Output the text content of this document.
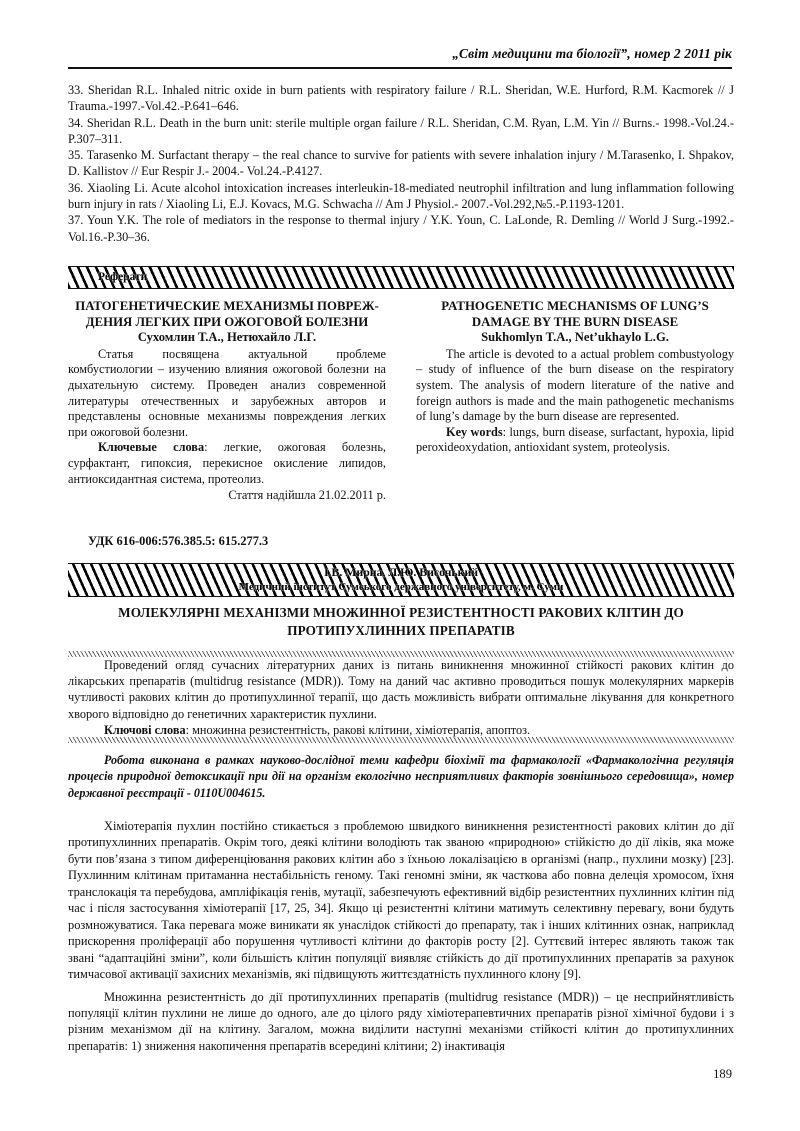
„Світ медицини та біології”, номер 2 2011 рік
33. Sheridan R.L. Inhaled nitric oxide in burn patients with respiratory failure / R.L. Sheridan, W.E. Hurford, R.M. Kacmorek // J Trauma.-1997.-Vol.42.-P.641–646.
34. Sheridan R.L. Death in the burn unit: sterile multiple organ failure / R.L. Sheridan, C.M. Ryan, L.M. Yin // Burns.- 1998.-Vol.24.-P.307–311.
35. Tarasenko M. Surfactant therapy – the real chance to survive for patients with severe inhalation injury / M.Tarasenko, I. Shpakov, D. Kallistov // Eur Respir J.- 2004.- Vol.24.-P.4127.
36. Xiaoling Li. Acute alcohol intoxication increases interleukin-18-mediated neutrophil infiltration and lung inflammation following burn injury in rats / Xiaoling Li, E.J. Kovacs, M.G. Schwacha // Am J Physiol.- 2007.-Vol.292,№5.-P.1193-1201.
37. Youn Y.K. The role of mediators in the response to thermal injury / Y.K. Youn, C. LaLonde, R. Demling // World J Surg.-1992.-Vol.16.-P.30–36.
Реферати
ПАТОГЕНЕТИЧЕСКИЕ МЕХАНИЗМЫ ПОВРЕЖ-ДЕНИЯ ЛЕГКИХ ПРИ ОЖОГОВОЙ БОЛЕЗНИ
Сухомлин Т.А., Нетюхайло Л.Г.
Статья посвящена актуальной проблеме комбустиологии – изучению влияния ожоговой болезни на дыхательную систему. Проведен анализ современной литературы отечественных и зарубежных авторов и представлены основные механизмы повреждения легких при ожоговой болезни.
Ключевые слова: легкие, ожоговая болезнь, сурфактант, гипоксия, перекисное окисление липидов, антиоксидантная система, протеолиз.
Стаття надійшла 21.02.2011 р.
PATHOGENETIC MECHANISMS OF LUNG’S DAMAGE BY THE BURN DISEASE
Sukhomlyn T.A., Net’ukhaylo L.G.
The article is devoted to a actual problem combustyology – study of influence of the burn disease on the respiratory system. The analysis of modern literature of the native and foreign authors is made and the main pathogenetic mechanisms of lung’s damage by the burn disease are represented.
Key words: lungs, burn disease, surfactant, hypoxia, lipid peroxideoxydation, antioxidant system, proteolysis.
УДК 616-006:576.385.5: 615.277.3
І.В. Мирна, Л.Ю. Височький
Медичний інститут Сумського державного університету, м. Суми
МОЛЕКУЛЯРНІ МЕХАНІЗМИ МНОЖИННОЇ РЕЗИСТЕНТНОСТІ РАКОВИХ КЛІТИН ДО ПРОТИПУХЛИННИХ ПРЕПАРАТІВ

Проведений огляд сучасних літературних даних із питань виникнення множинної стійкості ракових клітин до лікарських препаратів (multidrug resistance (MDR)). Тому на даний час активно проводиться пошук молекулярних маркерів чутливості ракових клітин до протипухлинної терапії, що дасть можливість вибрати оптимальне лікування для конкретного хворого відповідно до генетичних характеристик пухлини.

Ключові слова: множинна резистентність, ракові клітини, хіміотерапія, апоптоз.

Робота виконана в рамках науково-дослідної теми кафедри біохімії та фармакології «Фармакологічна регуляція процесів природної детоксикації при дії на організм екологічно несприятливих факторів зовнішнього середовища», номер державної реєстрації - 0110U004615.

Хіміотерапія пухлин постійно стикається з проблемою швидкого виникнення резистентності ракових клітин до дії протипухлинних препаратів. Окрім того, деякі клітини володіють так званою «природною» стійкістю до дії ліків, яка може бути пов’язана з типом диференціювання ракових клітин або з їхньою локалізацією в організмі (напр., пухлини мозку) [23]. Пухлинним клітинам притаманна нестабільність геному. Такі геномні зміни, як часткова або повна делеція хромосом, їхня транслокація та перебудова, ампліфікація генів, мутації, забезпечують ефективний відбір резистентних пухлинних клітин під час і після застосування хіміотерапії [17, 25, 34]. Якщо ці резистентні клітини матимуть селективну перевагу, вони будуть розмножуватися. Така перевага може виникати як унаслідок стійкості до препарату, так і інших клітинних ознак, наприклад прискорення проліферації або порушення чутливості клітини до факторів росту [2]. Суттєвий інтерес являють також так звані “адаптаційні зміни”, коли більшість клітин популяції виявляє стійкість до дії протипухлинних препаратів за рахунок тимчасової активації захисних механізмів, які підвищують життєздатність пухлинного клону [9].

Множинна резистентність до дії протипухлинних препаратів (multidrug resistance (MDR)) – це несприйнятливість популяції клітин пухлини не лише до одного, але до цілого ряду хіміотерапевтичних препаратів різної хімічної будови і з різним механізмом дії на клітину. Загалом, можна виділити наступні механізми стійкості клітин до протипухлинних препаратів: 1) зниження накопичення препаратів всередині клітини; 2) інактивація

189
